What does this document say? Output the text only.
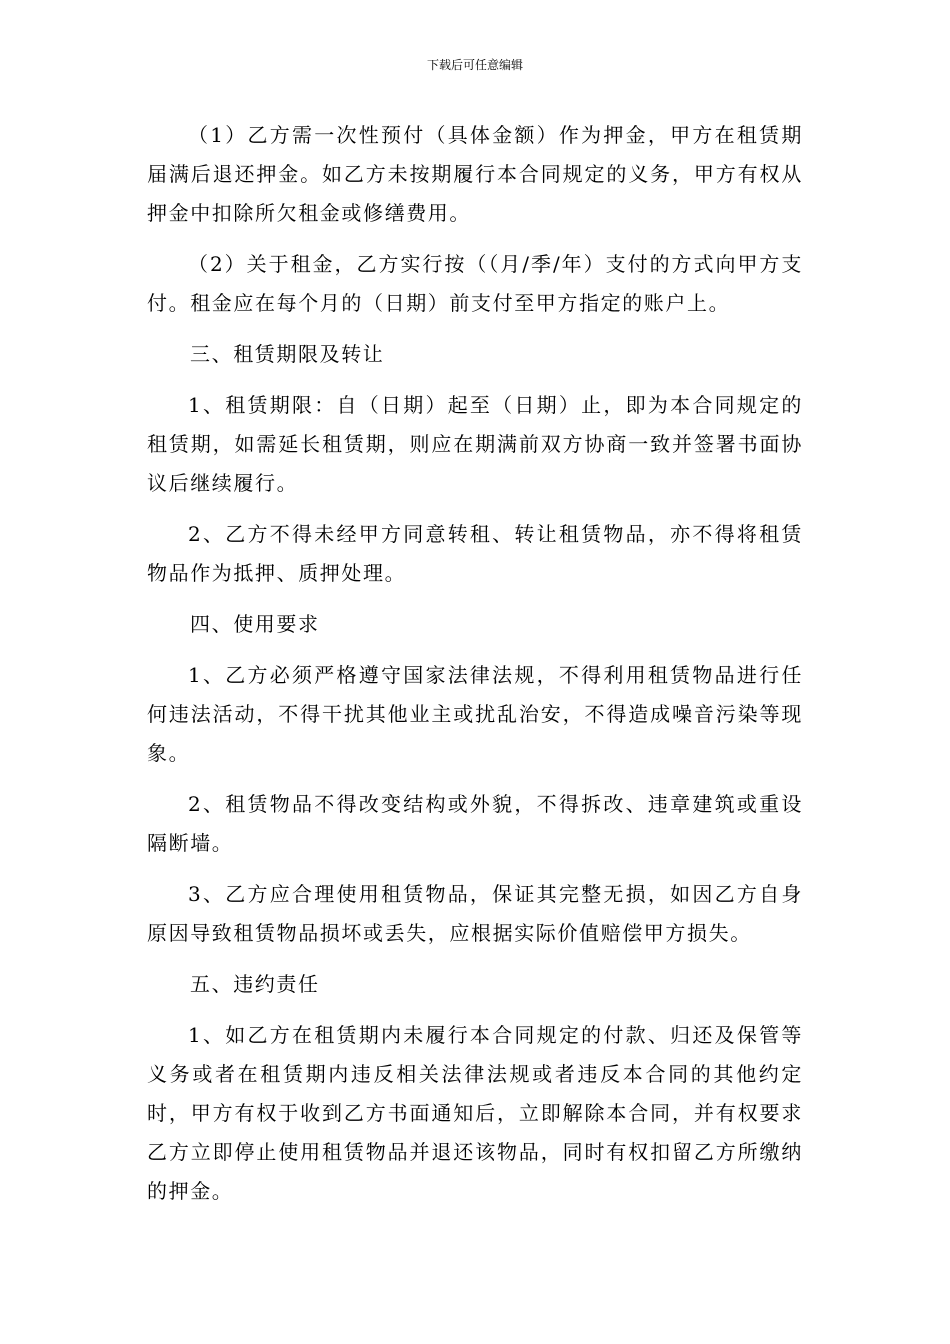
下载后可任意编辑

（1）乙方需一次性预付（具体金额）作为押金，甲方在租赁期届满后退还押金。如乙方未按期履行本合同规定的义务，甲方有权从押金中扣除所欠租金或修缮费用。

（2）关于租金，乙方实行按（（月/季/年）支付的方式向甲方支付。租金应在每个月的（日期）前支付至甲方指定的账户上。

三、租赁期限及转让

1、租赁期限：自（日期）起至（日期）止，即为本合同规定的租赁期，如需延长租赁期，则应在期满前双方协商一致并签署书面协议后继续履行。

2、乙方不得未经甲方同意转租、转让租赁物品，亦不得将租赁物品作为抵押、质押处理。

四、使用要求

1、乙方必须严格遵守国家法律法规，不得利用租赁物品进行任何违法活动，不得干扰其他业主或扰乱治安，不得造成噪音污染等现象。

2、租赁物品不得改变结构或外貌，不得拆改、违章建筑或重设隔断墙。

3、乙方应合理使用租赁物品，保证其完整无损，如因乙方自身原因导致租赁物品损坏或丢失，应根据实际价值赔偿甲方损失。

五、违约责任

1、如乙方在租赁期内未履行本合同规定的付款、归还及保管等义务或者在租赁期内违反相关法律法规或者违反本合同的其他约定时，甲方有权于收到乙方书面通知后，立即解除本合同，并有权要求乙方立即停止使用租赁物品并退还该物品，同时有权扣留乙方所缴纳的押金。
